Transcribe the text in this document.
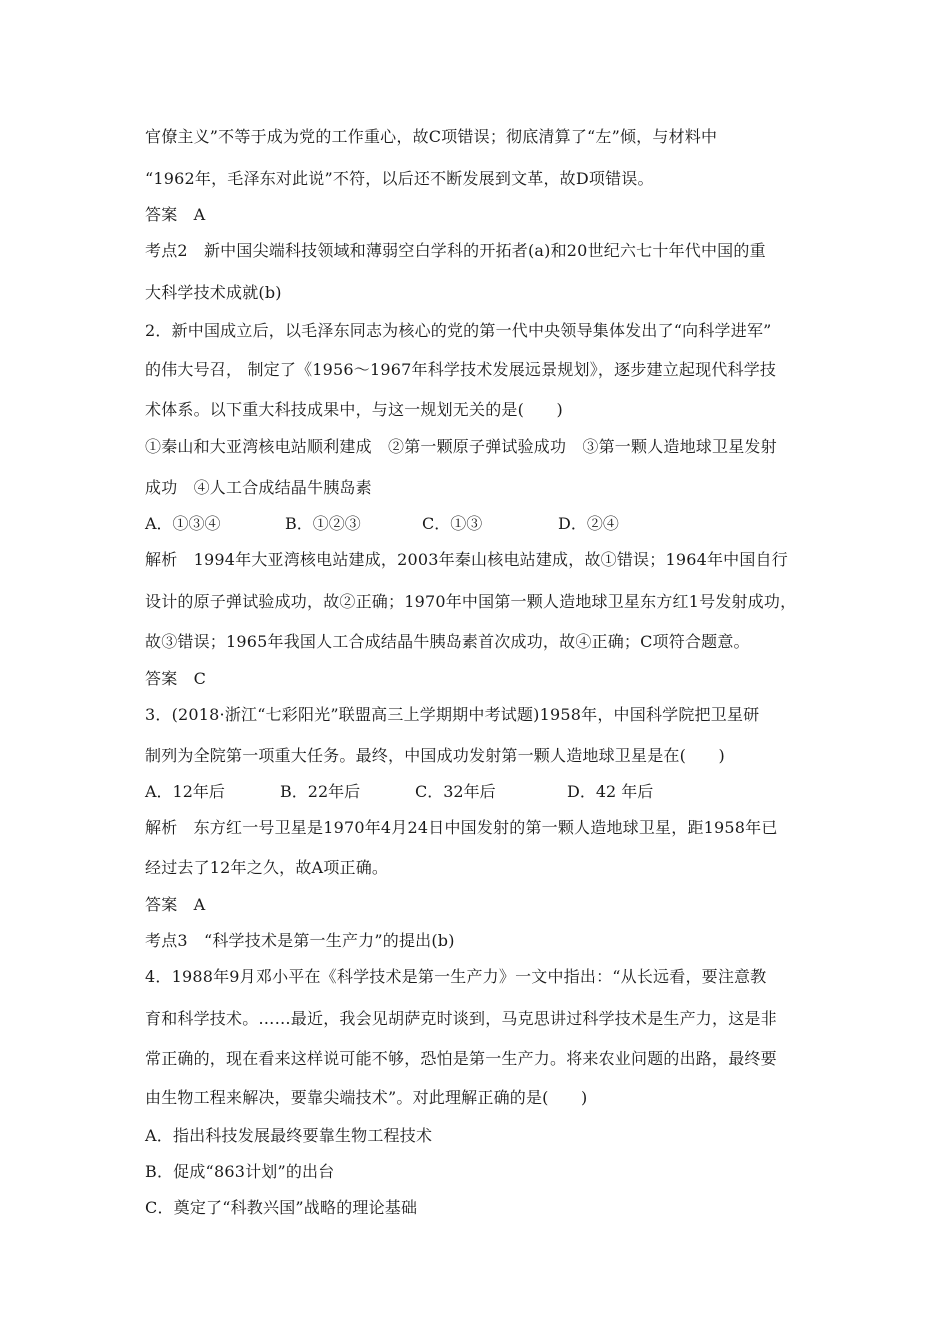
官僚主义”不等于成为党的工作重心，故C项错误；彻底清算了“左”倾，与材料中
“1962年，毛泽东对此说”不符，以后还不断发展到文革，故D项错误。
答案　A
考点2　新中国尖端科技领域和薄弱空白学科的开拓者(a)和20世纪六七十年代中国的重
大科学技术成就(b)
2．新中国成立后，以毛泽东同志为核心的党的第一代中央领导集体发出了“向科学进军”
的伟大号召， 制定了《1956～1967年科学技术发展远景规划》，逐步建立起现代科学技
术体系。以下重大科技成果中，与这一规划无关的是(　　)
①秦山和大亚湾核电站顺利建成　②第一颗原子弹试验成功　③第一颗人造地球卫星发射
成功　④人工合成结晶牛胰岛素
A．①③④	B．①②③	C．①③	D．②④
解析　1994年大亚湾核电站建成，2003年秦山核电站建成，故①错误；1964年中国自行
设计的原子弹试验成功，故②正确；1970年中国第一颗人造地球卫星东方红1号发射成功，
故③错误；1965年我国人工合成结晶牛胰岛素首次成功，故④正确；C项符合题意。
答案　C
3．(2018·浙江“七彩阳光”联盟高三上学期期中考试题)1958年，中国科学院把卫星研
制列为全院第一项重大任务。最终，中国成功发射第一颗人造地球卫星是在(　　)
A．12年后	B．22年后	C．32年后	D．42 年后
解析　东方红一号卫星是1970年4月24日中国发射的第一颗人造地球卫星，距1958年已
经过去了12年之久，故A项正确。
答案　A
考点3　“科学技术是第一生产力”的提出(b)
4．1988年9月邓小平在《科学技术是第一生产力》一文中指出：“从长远看，要注意教
育和科学技术。……最近，我会见胡萨克时谈到，马克思讲过科学技术是生产力，这是非
常正确的，现在看来这样说可能不够，恐怕是第一生产力。将来农业问题的出路，最终要
由生物工程来解决，要靠尖端技术”。对此理解正确的是(　　)
A．指出科技发展最终要靠生物工程技术
B．促成“863计划”的出台
C．奠定了“科教兴国”战略的理论基础
